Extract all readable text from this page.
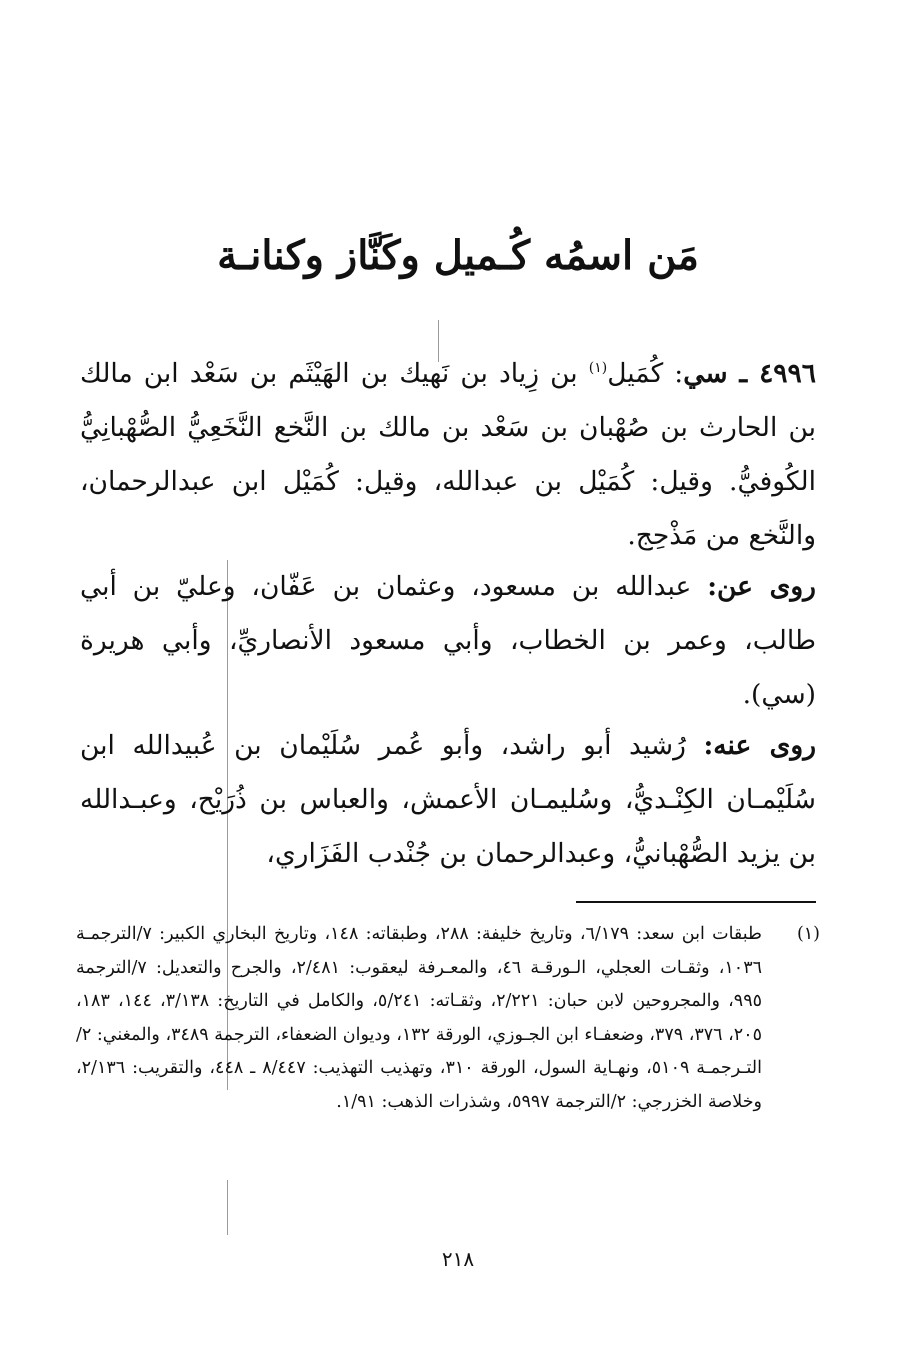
مَن اسمُه كُـميل وكَنَّاز وكنانـة
٤٩٩٦ ـ سي: كُمَيل$^{(١)}$ بن زِياد بن نَهيك بن الهَيْثَم بن سَعْد ابن مالك بن الحارث بن صُهْبان بن سَعْد بن مالك بن النَّخع النَّخَعِيُّ الصُّهْبانِيُّ الكُوفيُّ. وقيل: كُمَيْل بن عبدالله، وقيل: كُمَيْل ابن عبدالرحمان، والنَّخع من مَذْحِج.
روى عن: عبدالله بن مسعود، وعثمان بن عَفّان، وعليّ بن أبي طالب، وعمر بن الخطاب، وأبي مسعود الأنصاريِّ، وأبي هريرة (سي).
روى عنه: رُشيد أبو راشد، وأبو عُمر سُلَيْمان بن عُبيدالله ابن سُلَيْمـان الكِنْـديُّ، وسُليمـان الأعمش، والعباس بن ذُرَيْح، وعبـدالله بن يزيد الصُّهْبانيُّ، وعبدالرحمان بن جُنْدب الفَزَاري،
(١)
طبقات ابن سعد: ٦/١٧٩، وتاريخ خليفة: ٢٨٨، وطبقاته: ١٤٨، وتاريخ البخاري الكبير: ٧/الترجمـة ١٠٣٦، وثقـات العجلي، الـورقـة ٤٦، والمعـرفة ليعقوب: ٢/٤٨١، والجرح والتعديل: ٧/الترجمة ٩٩٥، والمجروحين لابن حبان: ٢/٢٢١، وثقـاته: ٥/٢٤١، والكامل في التاريخ: ٣/١٣٨، ١٤٤، ١٨٣، ٢٠٥، ٣٧٦، ٣٧٩، وضعفـاء ابن الجـوزي، الورقة ١٣٢، وديوان الضعفاء، الترجمة ٣٤٨٩، والمغني: ٢/التـرجمـة ٥١٠٩، ونهـاية السول، الورقة ٣١٠، وتهذيب التهذيب: ٨/٤٤٧ ـ ٤٤٨، والتقريب: ٢/١٣٦، وخلاصة الخزرجي: ٢/الترجمة ٥٩٩٧، وشذرات الذهب: ١/٩١.
٢١٨
